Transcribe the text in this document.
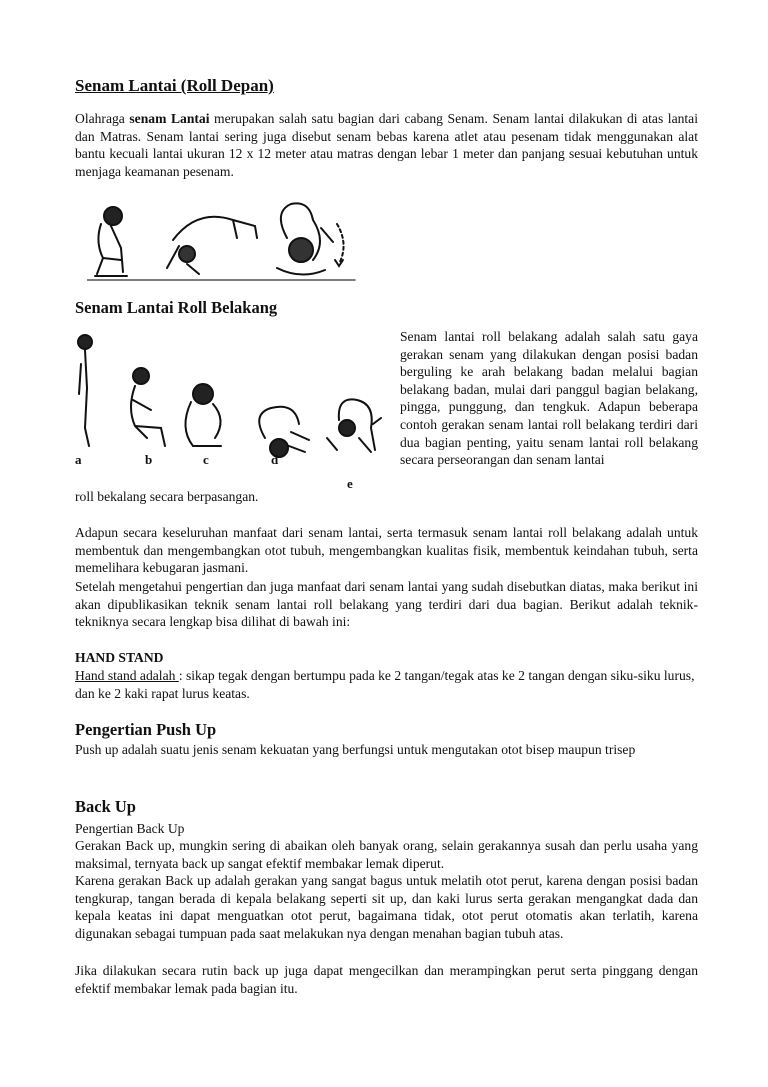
Senam Lantai (Roll Depan)
Olahraga senam Lantai merupakan salah satu bagian dari cabang Senam. Senam lantai dilakukan di atas lantai dan Matras. Senam lantai sering juga disebut senam bebas karena atlet atau pesenam tidak menggunakan alat bantu kecuali lantai ukuran 12 x 12 meter atau matras dengan lebar 1 meter dan panjang sesuai kebutuhan untuk menjaga keamanan pesenam.
Senam Lantai Roll Belakang
a	b	c	d
e
Senam lantai roll belakang adalah salah satu gaya gerakan senam yang dilakukan dengan posisi badan berguling ke arah belakang badan melalui bagian belakang badan, mulai dari panggul bagian belakang, pingga, punggung, dan tengkuk. Adapun beberapa contoh gerakan senam lantai roll belakang terdiri dari dua bagian penting, yaitu senam lantai roll belakang secara perseorangan dan senam lantai
roll bekalang secara berpasangan.
Adapun secara keseluruhan manfaat dari senam lantai, serta termasuk senam lantai roll belakang adalah untuk membentuk dan mengembangkan otot tubuh, mengembangkan kualitas fisik, membentuk keindahan tubuh, serta memelihara kebugaran jasmani.
Setelah mengetahui pengertian dan juga manfaat dari senam lantai yang sudah disebutkan diatas, maka berikut ini akan dipublikasikan teknik senam lantai roll belakang yang terdiri dari dua bagian. Berikut adalah teknik-tekniknya secara lengkap bisa dilihat di bawah ini:
HAND STAND
Hand stand adalah : sikap tegak dengan bertumpu pada ke 2 tangan/tegak atas ke 2 tangan dengan siku-siku lurus, dan ke 2 kaki rapat lurus keatas.
Pengertian Push Up
Push up adalah suatu jenis senam kekuatan yang berfungsi untuk mengutakan otot bisep maupun trisep
Back Up
Pengertian Back Up
Gerakan Back up, mungkin sering di abaikan oleh banyak orang, selain gerakannya susah dan perlu usaha yang maksimal, ternyata back up sangat efektif membakar lemak diperut.
Karena gerakan Back up adalah gerakan yang sangat bagus untuk melatih otot perut, karena dengan posisi badan tengkurap, tangan berada di kepala belakang seperti sit up, dan kaki lurus serta gerakan mengangkat dada dan kepala keatas ini dapat menguatkan otot perut, bagaimana tidak, otot perut otomatis akan terlatih, karena digunakan sebagai tumpuan pada saat melakukan nya dengan menahan bagian tubuh atas.
Jika dilakukan secara rutin back up juga dapat mengecilkan dan merampingkan perut serta pinggang dengan efektif membakar lemak pada bagian itu.
